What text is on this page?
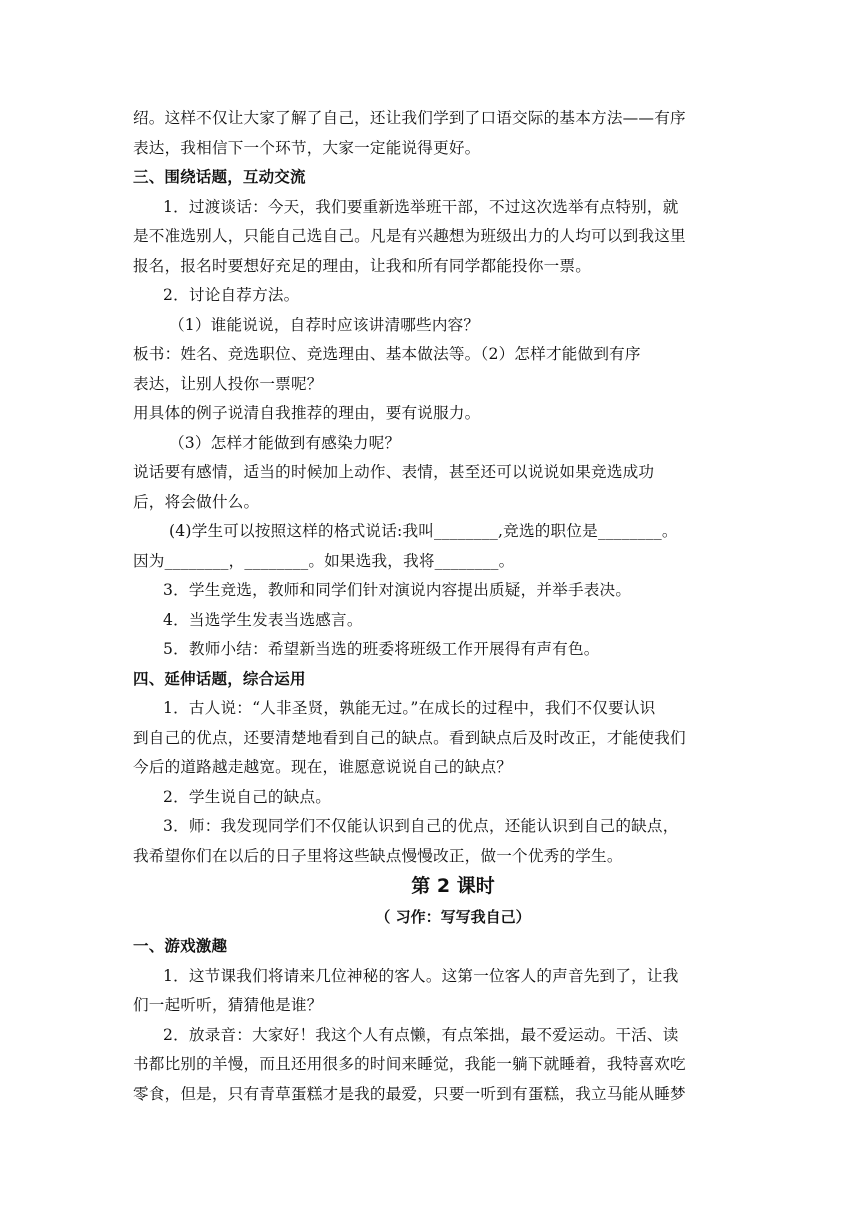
绍。这样不仅让大家了解了自己，还让我们学到了口语交际的基本方法——有序
表达，我相信下一个环节，大家一定能说得更好。
三、围绕话题，互动交流
1．过渡谈话：今天，我们要重新选举班干部，不过这次选举有点特别，就
是不准选别人，只能自己选自己。凡是有兴趣想为班级出力的人均可以到我这里
报名，报名时要想好充足的理由，让我和所有同学都能投你一票。
2．讨论自荐方法。
（1）谁能说说，自荐时应该讲清哪些内容？
板书：姓名、竞选职位、竞选理由、基本做法等。（2）怎样才能做到有序
表达，让别人投你一票呢？
用具体的例子说清自我推荐的理由，要有说服力。
（3）怎样才能做到有感染力呢？
说话要有感情，适当的时候加上动作、表情，甚至还可以说说如果竞选成功
后，将会做什么。
(4)学生可以按照这样的格式说话:我叫________,竞选的职位是________。
因为________，________。如果选我，我将________。
3．学生竞选，教师和同学们针对演说内容提出质疑，并举手表决。
4．当选学生发表当选感言。
5．教师小结：希望新当选的班委将班级工作开展得有声有色。
四、延伸话题，综合运用
1．古人说：“人非圣贤，孰能无过。”在成长的过程中，我们不仅要认识
到自己的优点，还要清楚地看到自己的缺点。看到缺点后及时改正，才能使我们
今后的道路越走越宽。现在，谁愿意说说自己的缺点？
2．学生说自己的缺点。
3．师：我发现同学们不仅能认识到自己的优点，还能认识到自己的缺点，
我希望你们在以后的日子里将这些缺点慢慢改正，做一个优秀的学生。
第 2 课时
（ 习作：写写我自己）
一、游戏激趣
1．这节课我们将请来几位神秘的客人。这第一位客人的声音先到了，让我
们一起听听，猜猜他是谁？
2．放录音：大家好！我这个人有点懒，有点笨拙，最不爱运动。干活、读
书都比别的羊慢，而且还用很多的时间来睡觉，我能一躺下就睡着，我特喜欢吃
零食，但是，只有青草蛋糕才是我的最爱，只要一听到有蛋糕，我立马能从睡梦
